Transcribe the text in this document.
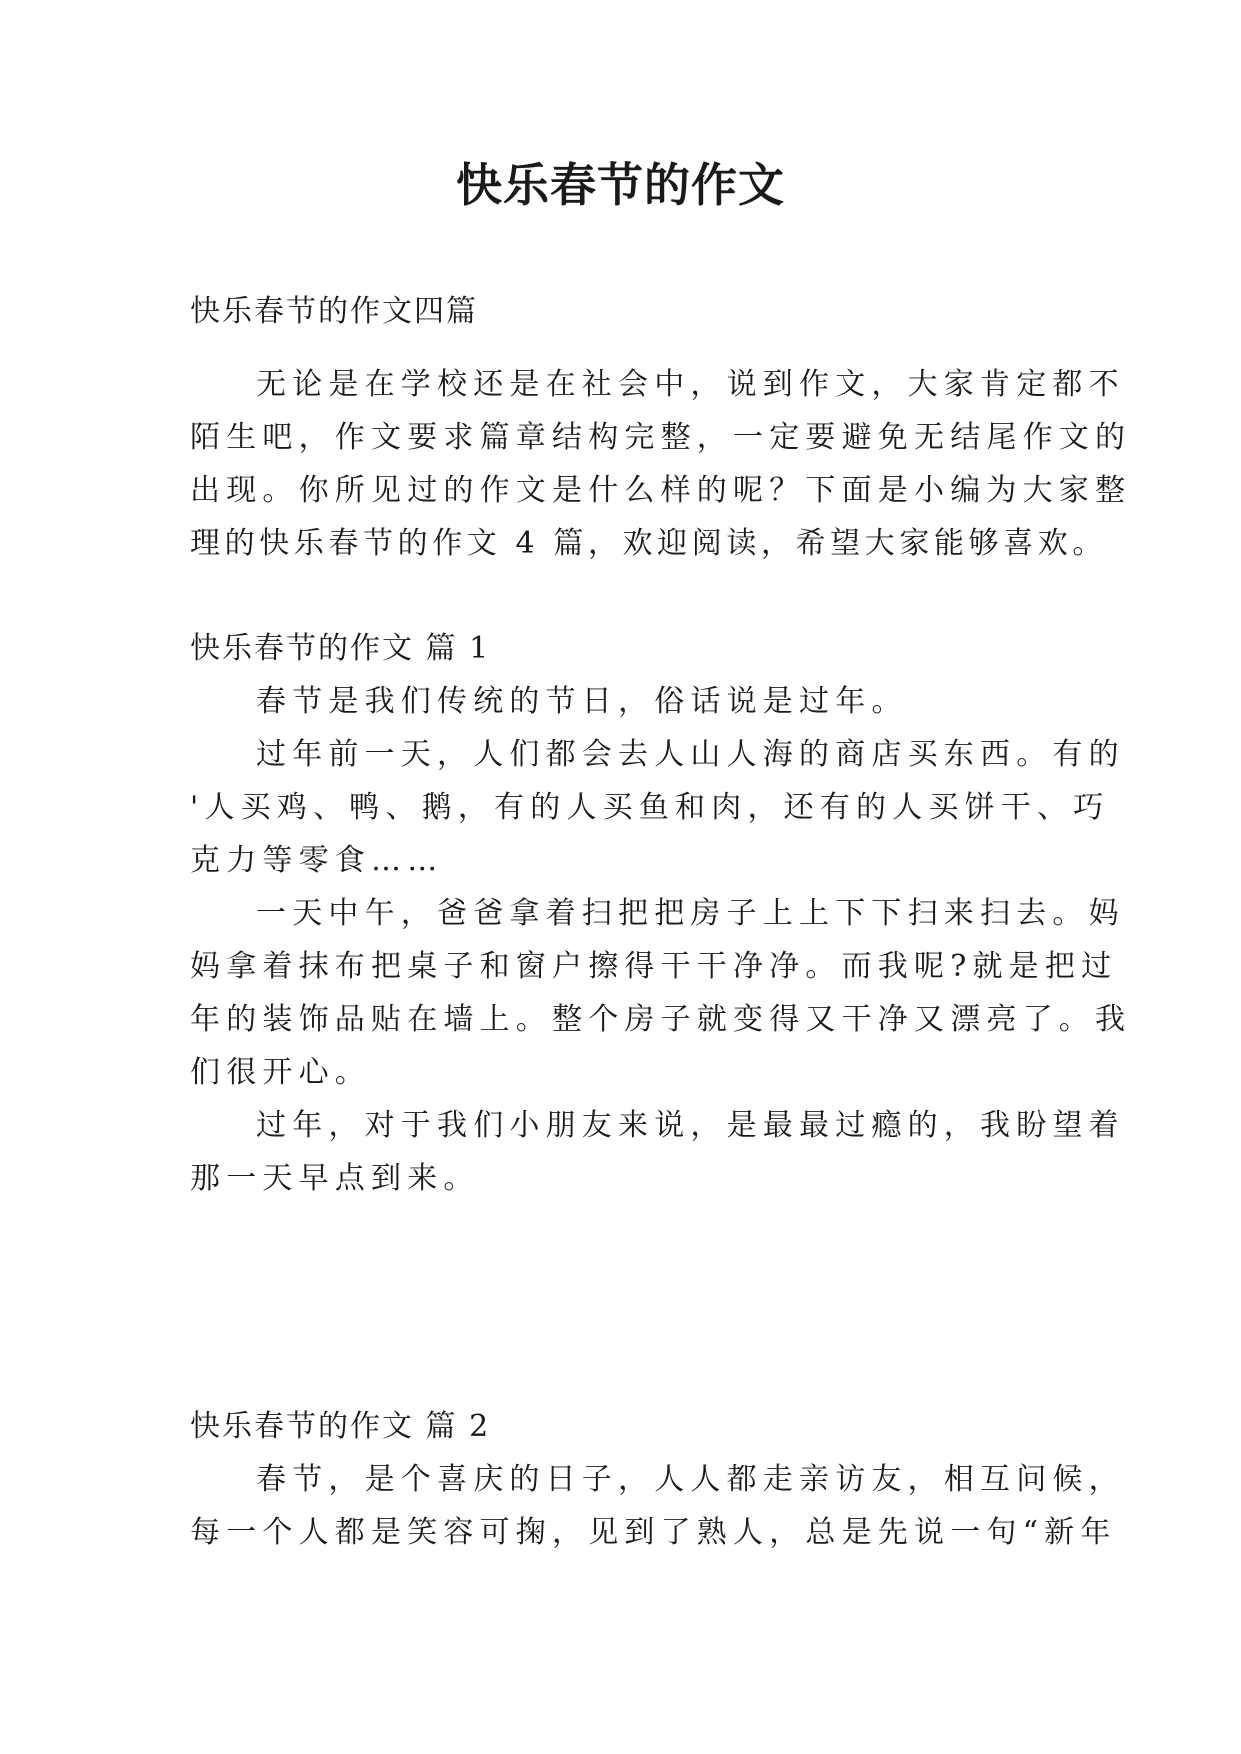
快乐春节的作文

快乐春节的作文四篇

无论是在学校还是在社会中，说到作文，大家肯定都不
陌生吧，作文要求篇章结构完整，一定要避免无结尾作文的
出现。你所见过的作文是什么样的呢？下面是小编为大家整
理的快乐春节的作文 4 篇，欢迎阅读，希望大家能够喜欢。
快乐春节的作文 篇 1
春节是我们传统的节日，俗话说是过年。
过年前一天，人们都会去人山人海的商店买东西。有的
'人买鸡、鸭、鹅，有的人买鱼和肉，还有的人买饼干、巧
克力等零食……
一天中午，爸爸拿着扫把把房子上上下下扫来扫去。妈
妈拿着抹布把桌子和窗户擦得干干净净。而我呢?就是把过
年的装饰品贴在墙上。整个房子就变得又干净又漂亮了。我
们很开心。
过年，对于我们小朋友来说，是最最过瘾的，我盼望着
那一天早点到来。
快乐春节的作文 篇 2
春节，是个喜庆的日子，人人都走亲访友，相互问候，
每一个人都是笑容可掬，见到了熟人，总是先说一句“新年
